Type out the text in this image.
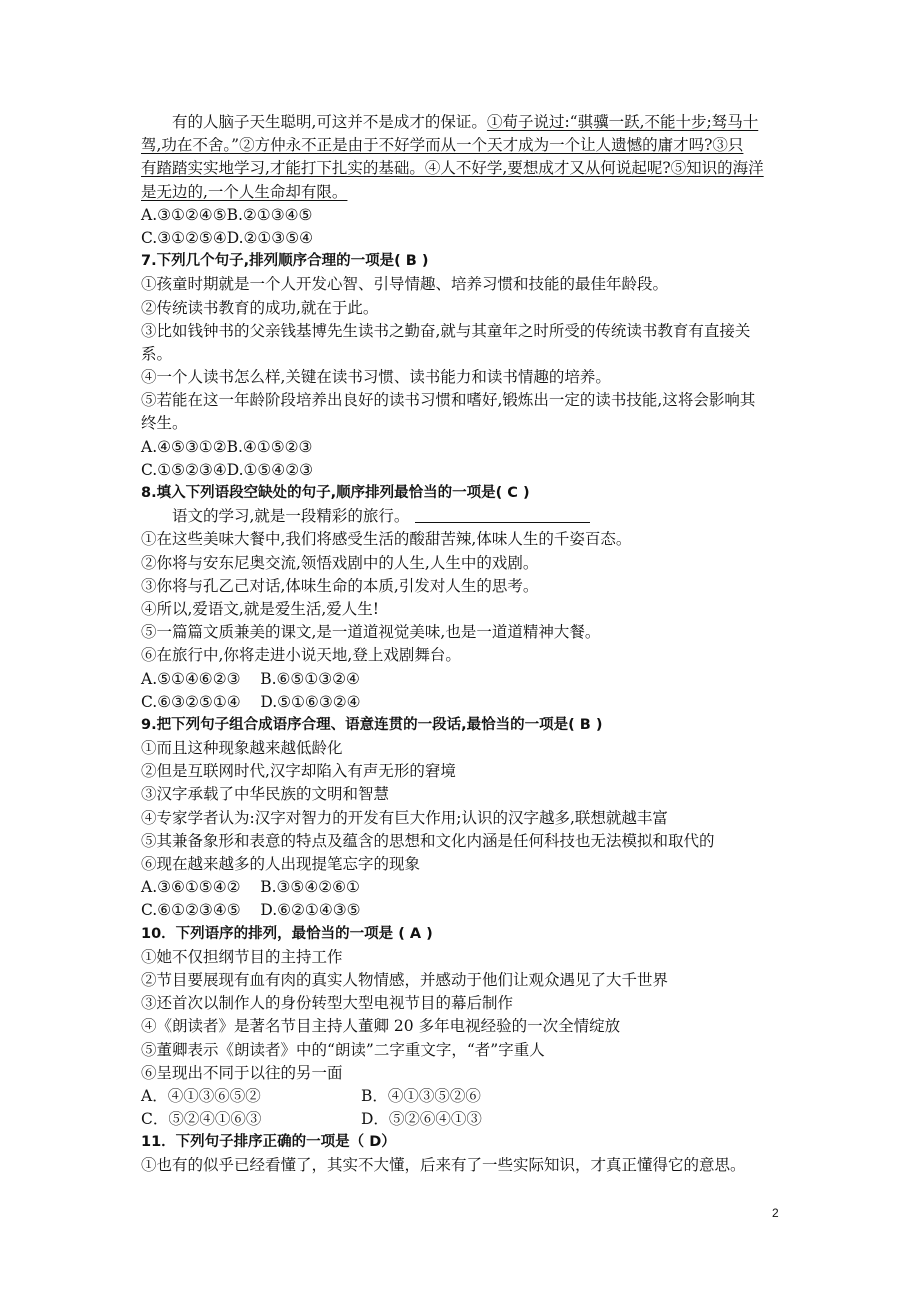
有的人脑子天生聪明,可这并不是成才的保证。①荀子说过:“骐骥一跃,不能十步;驽马十
驾,功在不舍。”②方仲永不正是由于不好学而从一个天才成为一个让人遗憾的庸才吗?③只
有踏踏实实地学习,才能打下扎实的基础。④人不好学,要想成才又从何说起呢?⑤知识的海洋
是无边的,一个人生命却有限。
A.③①②④⑤B.②①③④⑤
C.③①②⑤④D.②①③⑤④
7.下列几个句子,排列顺序合理的一项是( B )
①孩童时期就是一个人开发心智、引导情趣、培养习惯和技能的最佳年龄段。
②传统读书教育的成功,就在于此。
③比如钱钟书的父亲钱基博先生读书之勤奋,就与其童年之时所受的传统读书教育有直接关
系。
④一个人读书怎么样,关键在读书习惯、读书能力和读书情趣的培养。
⑤若能在这一年龄阶段培养出良好的读书习惯和嗜好,锻炼出一定的读书技能,这将会影响其
终生。
A.④⑤③①②B.④①⑤②③
C.①⑤②③④D.①⑤④②③
8.填入下列语段空缺处的句子,顺序排列最恰当的一项是( C )
语文的学习,就是一段精彩的旅行。
①在这些美味大餐中,我们将感受生活的酸甜苦辣,体味人生的千姿百态。
②你将与安东尼奥交流,领悟戏剧中的人生,人生中的戏剧。
③你将与孔乙己对话,体味生命的本质,引发对人生的思考。
④所以,爱语文,就是爱生活,爱人生!
⑤一篇篇文质兼美的课文,是一道道视觉美味,也是一道道精神大餐。
⑥在旅行中,你将走进小说天地,登上戏剧舞台。
A.⑤①④⑥②③ B.⑥⑤①③②④
C.⑥③②⑤①④ D.⑤①⑥③②④
9.把下列句子组合成语序合理、语意连贯的一段话,最恰当的一项是( B )
①而且这种现象越来越低龄化
②但是互联网时代,汉字却陷入有声无形的窘境
③汉字承载了中华民族的文明和智慧
④专家学者认为:汉字对智力的开发有巨大作用;认识的汉字越多,联想就越丰富
⑤其兼备象形和表意的特点及蕴含的思想和文化内涵是任何科技也无法模拟和取代的
⑥现在越来越多的人出现提笔忘字的现象
A.③⑥①⑤④② B.③⑤④②⑥①
C.⑥①②③④⑤ D.⑥②①④③⑤
10．下列语序的排列，最恰当的一项是 ( A )
①她不仅担纲节目的主持工作
②节目要展现有血有肉的真实人物情感，并感动于他们让观众遇见了大千世界
③还首次以制作人的身份转型大型电视节目的幕后制作
④《朗读者》是著名节目主持人董卿 20 多年电视经验的一次全情绽放
⑤董卿表示《朗读者》中的“朗读”二字重文字，“者”字重人
⑥呈现出不同于以往的另一面
A．④①③⑥⑤②	B．④①③⑤②⑥
C．⑤②④①⑥③	D．⑤②⑥④①③
11．下列句子排序正确的一项是（ D）
①也有的似乎已经看懂了，其实不大懂，后来有了一些实际知识，才真正懂得它的意思。
2
